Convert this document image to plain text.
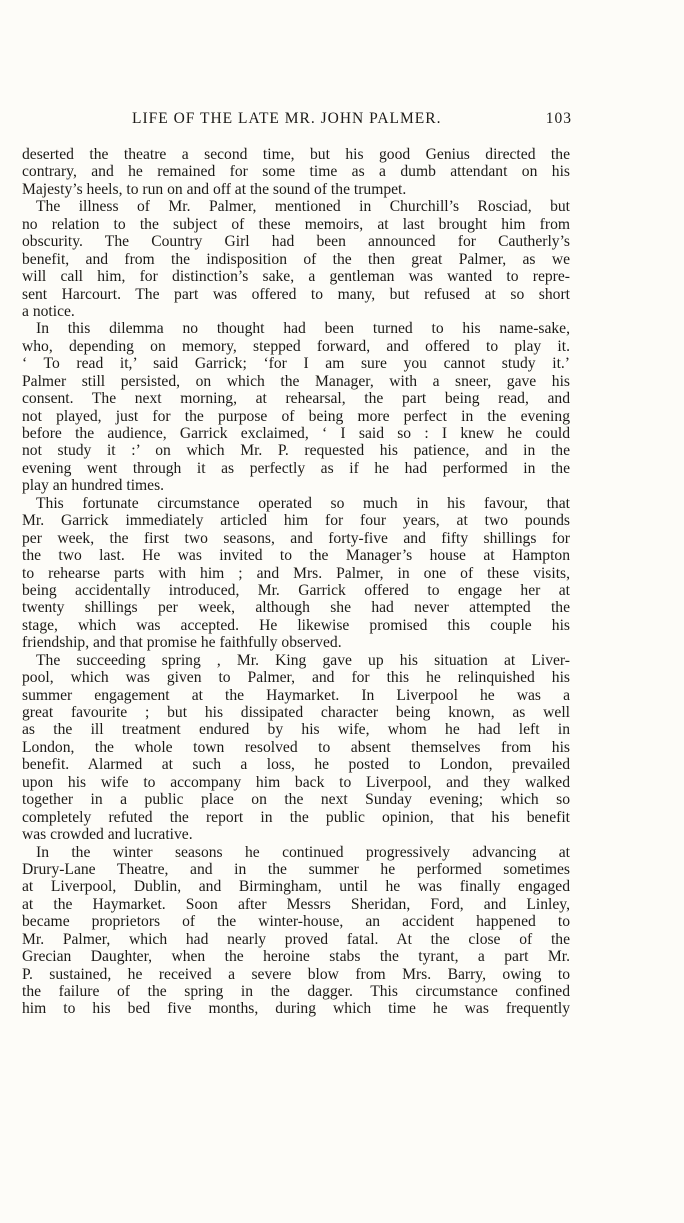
LIFE OF THE LATE MR. JOHN PALMER.	103
deserted the theatre a second time, but his good Genius directed the
contrary, and he remained for some time as a dumb attendant on his
Majesty’s heels, to run on and off at the sound of the trumpet.
The illness of Mr. Palmer, mentioned in Churchill’s Rosciad, but
no relation to the subject of these memoirs, at last brought him from
obscurity. The Country Girl had been announced for Cautherly’s
benefit, and from the indisposition of the then great Palmer, as we
will call him, for distinction’s sake, a gentleman was wanted to repre-
sent Harcourt. The part was offered to many, but refused at so short
a notice.
In this dilemma no thought had been turned to his name-sake,
who, depending on memory, stepped forward, and offered to play it.
‘ To read it,’ said Garrick; ‘for I am sure you cannot study it.’
Palmer still persisted, on which the Manager, with a sneer, gave his
consent. The next morning, at rehearsal, the part being read, and
not played, just for the purpose of being more perfect in the evening
before the audience, Garrick exclaimed, ‘ I said so : I knew he could
not study it :’ on which Mr. P. requested his patience, and in the
evening went through it as perfectly as if he had performed in the
play an hundred times.
This fortunate circumstance operated so much in his favour, that
Mr. Garrick immediately articled him for four years, at two pounds
per week, the first two seasons, and forty-five and fifty shillings for
the two last. He was invited to the Manager’s house at Hampton
to rehearse parts with him ; and Mrs. Palmer, in one of these visits,
being accidentally introduced, Mr. Garrick offered to engage her at
twenty shillings per week, although she had never attempted the
stage, which was accepted. He likewise promised this couple his
friendship, and that promise he faithfully observed.
The succeeding spring , Mr. King gave up his situation at Liver-
pool, which was given to Palmer, and for this he relinquished his
summer engagement at the Haymarket. In Liverpool he was a
great favourite ; but his dissipated character being known, as well
as the ill treatment endured by his wife, whom he had left in
London, the whole town resolved to absent themselves from his
benefit. Alarmed at such a loss, he posted to London, prevailed
upon his wife to accompany him back to Liverpool, and they walked
together in a public place on the next Sunday evening; which so
completely refuted the report in the public opinion, that his benefit
was crowded and lucrative.
In the winter seasons he continued progressively advancing at
Drury-Lane Theatre, and in the summer he performed sometimes
at Liverpool, Dublin, and Birmingham, until he was finally engaged
at the Haymarket. Soon after Messrs Sheridan, Ford, and Linley,
became proprietors of the winter-house, an accident happened to
Mr. Palmer, which had nearly proved fatal. At the close of the
Grecian Daughter, when the heroine stabs the tyrant, a part Mr.
P. sustained, he received a severe blow from Mrs. Barry, owing to
the failure of the spring in the dagger. This circumstance confined
him to his bed five months, during which time he was frequently
